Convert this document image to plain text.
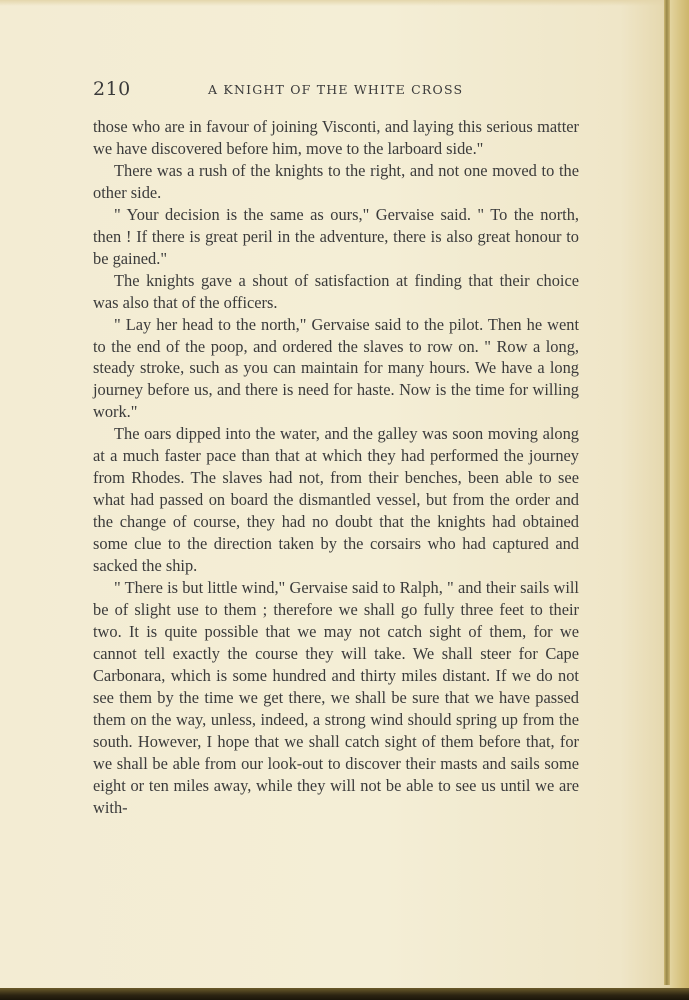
210	A KNIGHT OF THE WHITE CROSS

those who are in favour of joining Visconti, and laying this serious matter we have discovered before him, move to the larboard side."

There was a rush of the knights to the right, and not one moved to the other side.

" Your decision is the same as ours," Gervaise said. " To the north, then ! If there is great peril in the adventure, there is also great honour to be gained."

The knights gave a shout of satisfaction at finding that their choice was also that of the officers.

" Lay her head to the north," Gervaise said to the pilot. Then he went to the end of the poop, and ordered the slaves to row on. " Row a long, steady stroke, such as you can maintain for many hours. We have a long journey before us, and there is need for haste. Now is the time for willing work."

The oars dipped into the water, and the galley was soon moving along at a much faster pace than that at which they had performed the journey from Rhodes. The slaves had not, from their benches, been able to see what had passed on board the dismantled vessel, but from the order and the change of course, they had no doubt that the knights had obtained some clue to the direction taken by the corsairs who had captured and sacked the ship.

" There is but little wind," Gervaise said to Ralph, " and their sails will be of slight use to them ; therefore we shall go fully three feet to their two. It is quite possible that we may not catch sight of them, for we cannot tell exactly the course they will take. We shall steer for Cape Carbonara, which is some hundred and thirty miles distant. If we do not see them by the time we get there, we shall be sure that we have passed them on the way, unless, indeed, a strong wind should spring up from the south. However, I hope that we shall catch sight of them before that, for we shall be able from our look-out to discover their masts and sails some eight or ten miles away, while they will not be able to see us until we are with-
